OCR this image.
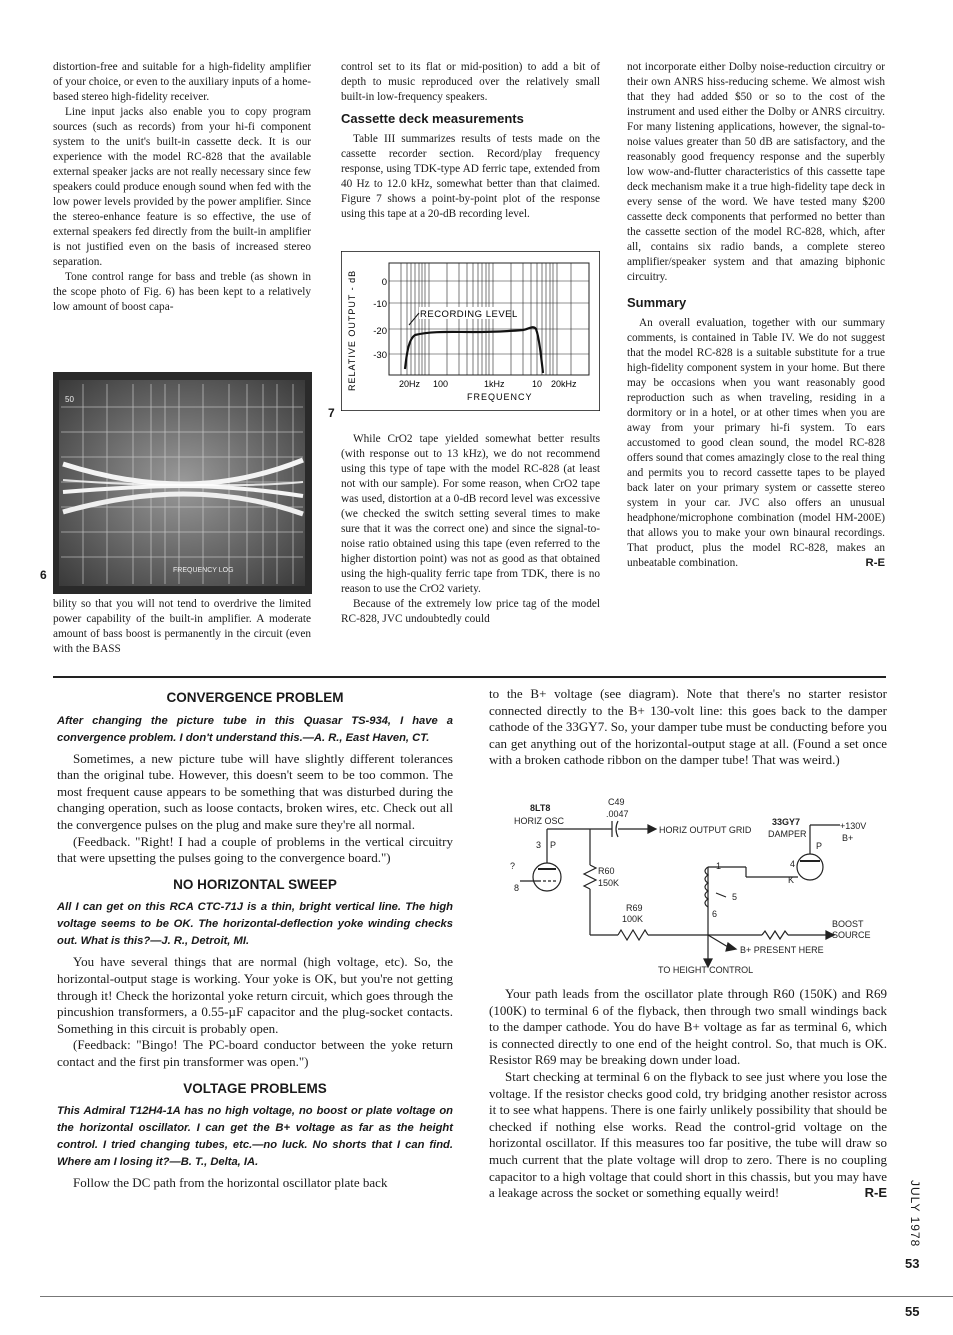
distortion-free and suitable for a high-fidelity amplifier of your choice, or even to the auxiliary inputs of a home-based stereo high-fidelity receiver.

Line input jacks also enable you to copy program sources (such as records) from your hi-fi component system to the unit's built-in cassette deck. It is our experience with the model RC-828 that the available external speaker jacks are not really necessary since few speakers could produce enough sound when fed with the low power levels provided by the power amplifier. Since the stereo-enhance feature is so effective, the use of external speakers fed directly from the built-in amplifier is not justified even on the basis of increased stereo separation.

Tone control range for bass and treble (as shown in the scope photo of Fig. 6) has been kept to a relatively low amount of boost capa-

50
FREQUENCY LOG
6

bility so that you will not tend to overdrive the limited power capability of the built-in amplifier. A moderate amount of bass boost is permanently in the circuit (even with the BASS

control set to its flat or mid-position) to add a bit of depth to music reproduced over the relatively small built-in low-frequency speakers.

Cassette deck measurements

Table III summarizes results of tests made on the cassette recorder section. Record/play frequency response, using TDK-type AD ferric tape, extended from 40 Hz to 12.0 kHz, somewhat better than that claimed. Figure 7 shows a point-by-point plot of the response using this tape at a 20-dB recording level.

RELATIVE OUTPUT - dB	0
-10
-20
-30
RECORDING LEVEL
20Hz 100	1kHz	10 20kHz
FREQUENCY
7

While CrO2 tape yielded somewhat better results (with response out to 13 kHz), we do not recommend using this type of tape with the model RC-828 (at least not with our sample). For some reason, when CrO2 tape was used, distortion at a 0-dB record level was excessive (we checked the switch setting several times to make sure that it was the correct one) and since the signal-to-noise ratio obtained using this tape (even referred to the higher distortion point) was not as good as that obtained using the high-quality ferric tape from TDK, there is no reason to use the CrO2 variety.

Because of the extremely low price tag of the model RC-828, JVC undoubtedly could

not incorporate either Dolby noise-reduction circuitry or their own ANRS hiss-reducing scheme. We almost wish that they had added $50 or so to the cost of the instrument and used either the Dolby or ANRS circuitry. For many listening applications, however, the signal-to-noise values greater than 50 dB are satisfactory, and the reasonably good frequency response and the superbly low wow-and-flutter characteristics of this cassette tape deck mechanism make it a true high-fidelity tape deck in every sense of the word. We have tested many $200 cassette deck components that performed no better than the cassette section of the model RC-828, which, after all, contains six radio bands, a complete stereo amplifier/speaker system and that amazing biphonic circuitry.

Summary

An overall evaluation, together with our summary comments, is contained in Table IV. We do not suggest that the model RC-828 is a suitable substitute for a true high-fidelity component system in your home. But there may be occasions when you want reasonably good reproduction such as when traveling, residing in a dormitory or in a hotel, or at other times when you are away from your primary hi-fi system. To ears accustomed to good clean sound, the model RC-828 offers sound that comes amazingly close to the real thing and permits you to record cassette tapes to be played back later on your primary system or cassette stereo system in your car. JVC also offers an unusual headphone/microphone combination (model HM-200E) that allows you to make your own binaural recordings. That product, plus the model RC-828, makes an unbeatable combination.	R-E

CONVERGENCE PROBLEM

After changing the picture tube in this Quasar TS-934, I have a convergence problem. I don't understand this.—A. R., East Haven, CT.

Sometimes, a new picture tube will have slightly different tolerances than the original tube. However, this doesn't seem to be too common. The most frequent cause appears to be something that was disturbed during the changing operation, such as loose contacts, broken wires, etc. Check out all the convergence pulses on the plug and make sure they're all normal.

(Feedback. "Right! I had a couple of problems in the vertical circuitry that were upsetting the pulses going to the convergence board.")

NO HORIZONTAL SWEEP

All I can get on this RCA CTC-71J is a thin, bright vertical line. The high voltage seems to be OK. The horizontal-deflection yoke winding checks out. What is this?—J. R., Detroit, MI.

You have several things that are normal (high voltage, etc). So, the horizontal-output stage is working. Your yoke is OK, but you're not getting through it! Check the horizontal yoke return circuit, which goes through the pincushion transformers, a 0.55-µF capacitor and the plug-socket contacts. Something in this circuit is probably open.

(Feedback: "Bingo! The PC-board conductor between the yoke return contact and the first pin transformer was open.")

VOLTAGE PROBLEMS

This Admiral T12H4-1A has no high voltage, no boost or plate voltage on the horizontal oscillator. I can get the B+ voltage as far as the height control. I tried changing tubes, etc.—no luck. No shorts that I can find. Where am I losing it?—B. T., Delta, IA.

Follow the DC path from the horizontal oscillator plate back

to the B+ voltage (see diagram). Note that there's no starter resistor connected directly to the B+ 130-volt line: this goes back to the damper cathode of the 33GY7. So, your damper tube must be conducting before you can get anything out of the horizontal-output stage at all. (Found a set once with a broken cathode ribbon on the damper tube! That was weird.)

8LT8
HORIZ OSC
C49
.0047
HORIZ OUTPUT GRID
3 P
?
8
R60
150K
R69
100K
1
5
6
33GY7
DAMPER
+130V
B+
P
4
K
BOOST
SOURCE
B+ PRESENT HERE
TO HEIGHT CONTROL

Your path leads from the oscillator plate through R60 (150K) and R69 (100K) to terminal 6 of the flyback, then through two small windings back to the damper cathode. You do have B+ voltage as far as terminal 6, which is connected directly to one end of the height control. So, that much is OK. Resistor R69 may be breaking down under load.

Start checking at terminal 6 on the flyback to see just where you lose the voltage. If the resistor checks good cold, try bridging another resistor across it to see what happens. There is one fairly unlikely possibility that should be checked if nothing else works. Read the control-grid voltage on the horizontal oscillator. If this measures too far positive, the tube will draw so much current that the plate voltage will drop to zero. There is no coupling capacitor to a high voltage that could short in this chassis, but you may have a leakage across the socket or something equally weird!	R-E JULY 1978
53
55
